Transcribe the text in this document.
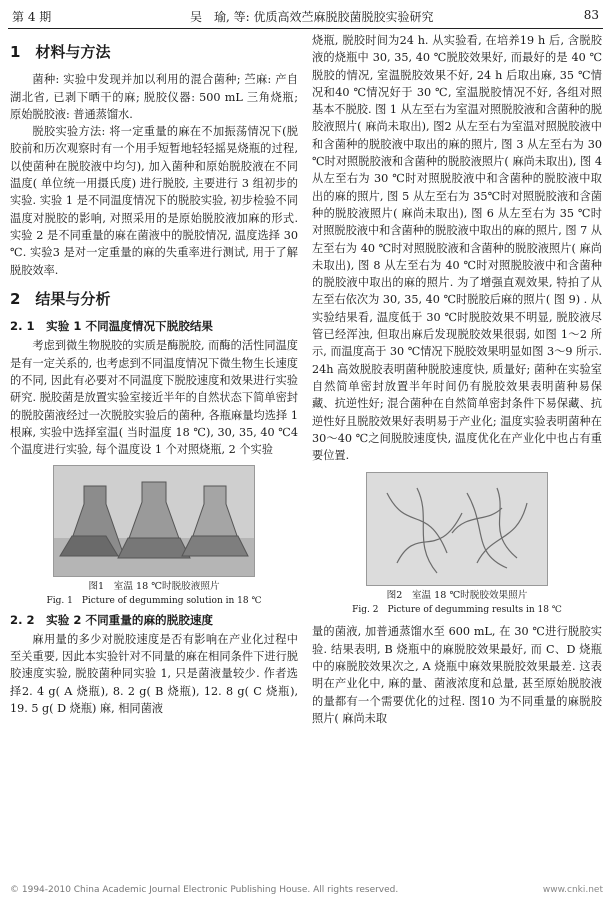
第 4 期	吴　瑜, 等: 优质高效苎麻脱胶菌脱胶实验研究	83
1　材料与方法

菌种: 实验中发现并加以利用的混合菌种; 苎麻: 产自湖北省, 已剥下晒干的麻; 脱胶仪器: 500 mL 三角烧瓶; 原始脱胶液: 普通蒸馏水.

脱胶实验方法: 将一定重量的麻在不加振荡情况下(脱胶前和历次观察时有一个用手短暂地轻轻摇晃烧瓶的过程, 以使菌种在脱胶液中均匀), 加入菌种和原始脱胶液在不同温度( 单位统一用摄氏度) 进行脱胶, 主要进行 3 组初步的实验. 实验 1 是不同温度情况下的脱胶实验, 初步检验不同温度对脱胶的影响, 对照采用的是原始脱胶液加麻的形式. 实验 2 是不同重量的麻在菌液中的脱胶情况, 温度选择 30 ℃. 实验3 是对一定重量的麻的失重率进行测试, 用于了解脱胶效率.

2　结果与分析
2. 1　实验 1 不同温度情况下脱胶结果

考虑到微生物脱胶的实质是酶脱胶, 而酶的活性同温度是有一定关系的, 也考虑到不同温度情况下微生物生长速度的不同, 因此有必要对不同温度下脱胶速度和效果进行实验研究. 脱胶菌是放置实验室接近半年的自然状态下简单密封的脱胶菌液经过一次脱胶实验后的菌种, 各瓶麻量均选择 1 根麻, 实验中选择室温( 当时温度 18 ℃), 30, 35, 40 ℃4 个温度进行实验, 每个温度设 1 个对照烧瓶, 2 个实验

图1　室温 18 ℃时脱胶液照片
Fig. 1　Picture of degumming solution in 18 ℃
2. 2　实验 2 不同重量的麻的脱胶速度

麻用量的多少对脱胶速度是否有影响在产业化过程中至关重要, 因此本实验针对不同量的麻在相同条件下进行脱胶速度实验, 脱胶菌种同实验 1, 只是菌液量较少. 作者选择2. 4 g( A 烧瓶), 8. 2 g( B 烧瓶), 12. 8 g( C 烧瓶), 19. 5 g( D 烧瓶) 麻, 相同菌液

烧瓶, 脱胶时间为24 h. 从实验看, 在培养19 h 后, 含脱胶液的烧瓶中 30, 35, 40 ℃脱胶效果好, 而最好的是 40 ℃脱胶的情况, 室温脱胶效果不好, 24 h 后取出麻, 35 ℃情况和40 ℃情况好于 30 ℃, 室温脱胶情况不好, 各组对照基本不脱胶. 图 1 从左至右为室温对照脱胶液和含菌种的脱胶液照片( 麻尚未取出), 图2 从左至右为室温对照脱胶液中和含菌种的脱胶液中取出的麻的照片, 图 3 从左至右为 30 ℃时对照脱胶液和含菌种的脱胶液照片( 麻尚未取出), 图 4 从左至右为 30 ℃时对照脱胶液中和含菌种的脱胶液中取出的麻的照片, 图 5 从左至右为 35℃时对照脱胶液和含菌种的脱胶液照片( 麻尚未取出), 图 6 从左至右为 35 ℃时对照脱胶液中和含菌种的脱胶液中取出的麻的照片, 图 7 从左至右为 40 ℃时对照脱胶液和含菌种的脱胶液照片( 麻尚未取出), 图 8 从左至右为 40 ℃时对照脱胶液中和含菌种的脱胶液中取出的麻的照片. 为了增强直观效果, 特拍了从左至右依次为 30, 35, 40 ℃时脱胶后麻的照片( 图 9) . 从实验结果看, 温度低于 30 ℃时脱胶效果不明显, 脱胶液尽管已经浑浊, 但取出麻后发现脱胶效果很弱, 如图 1～2 所示, 而温度高于 30 ℃情况下脱胶效果明显如图 3～9 所示. 24h 高效脱胶表明菌种脱胶速度快, 质量好; 菌种在实验室自然简单密封放置半年时间仍有脱胶效果表明菌种易保藏、抗逆性好; 混合菌种在自然简单密封条件下易保藏、抗逆性好且脱胶效果好表明易于产业化; 温度实验表明菌种在 30～40 ℃之间脱胶速度快, 温度优化在产业化中也占有重要位置.

图2　室温 18 ℃时脱胶效果照片
Fig. 2　Picture of degumming results in 18 ℃

量的菌液, 加普通蒸馏水至 600 mL, 在 30 ℃进行脱胶实验. 结果表明, B 烧瓶中的麻脱胶效果最好, 而 C、D 烧瓶中的麻脱胶效果次之, A 烧瓶中麻效果脱胶效果最差. 这表明在产业化中, 麻的量、菌液浓度和总量, 甚至原始脱胶液的量都有一个需要优化的过程. 图10 为不同重量的麻脱胶照片( 麻尚未取

© 1994-2010 China Academic Journal Electronic Publishing House. All rights reserved.	www.cnki.net
